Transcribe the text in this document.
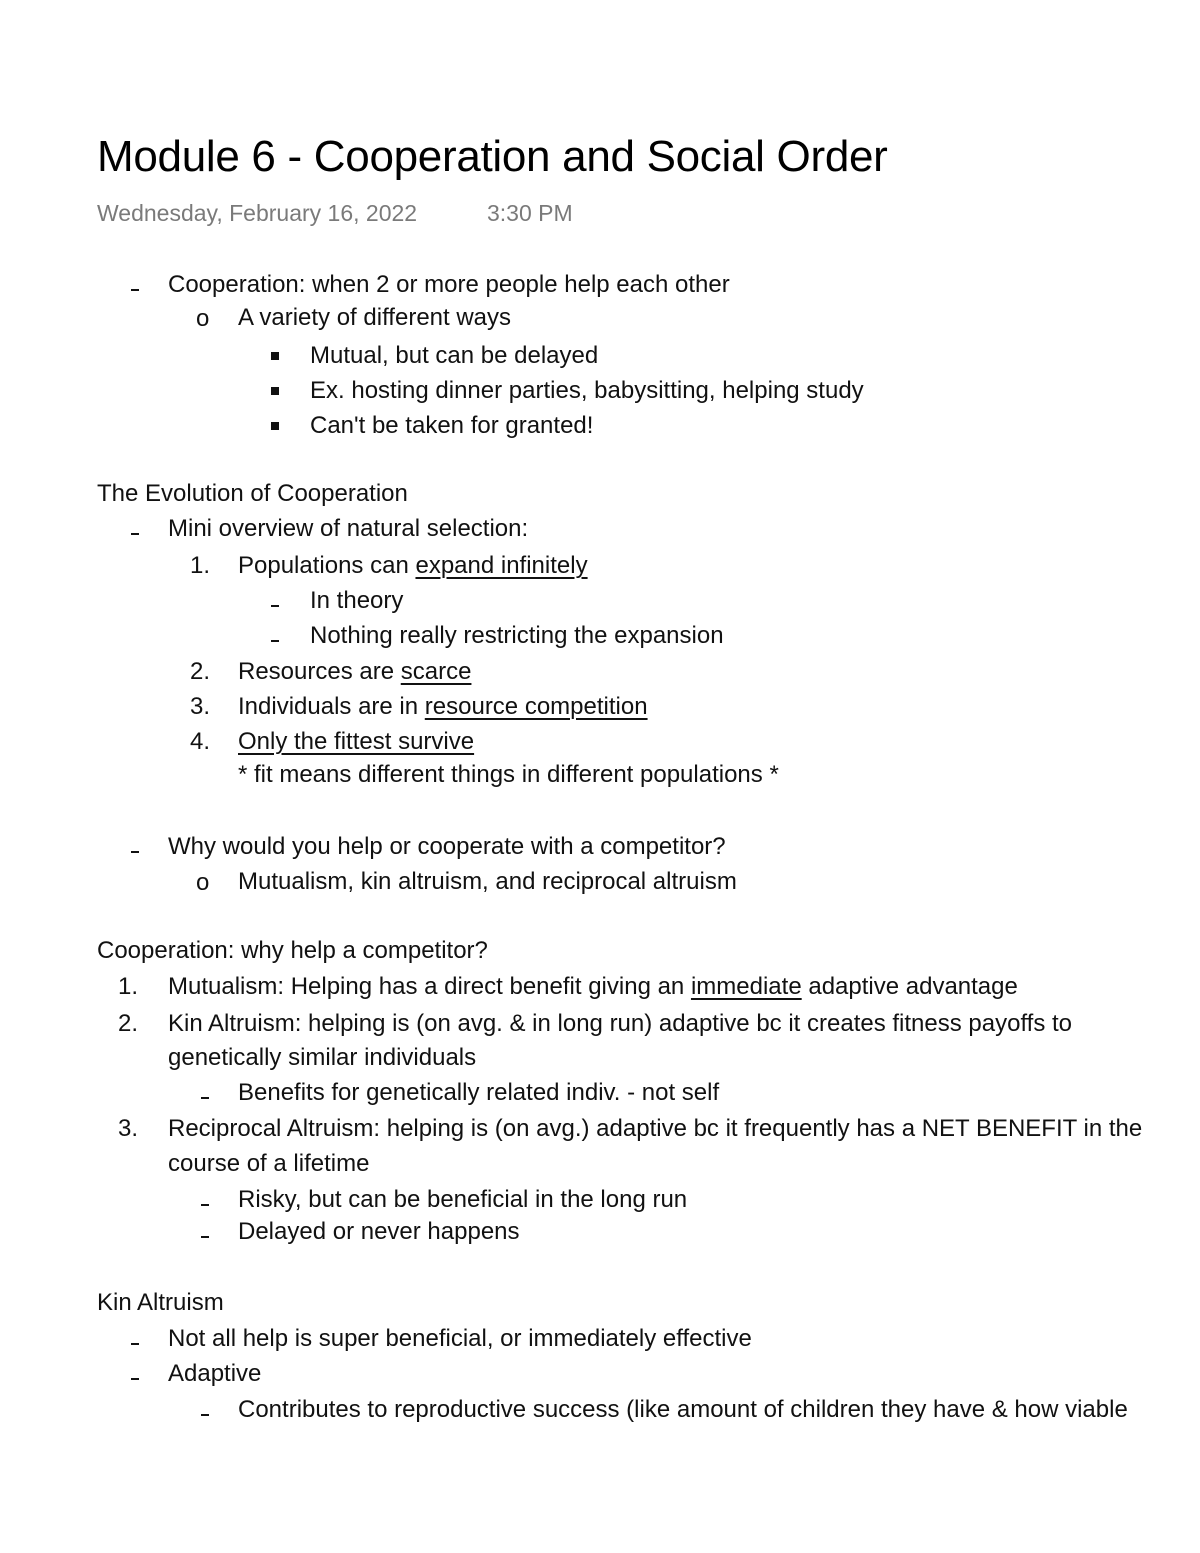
Module 6 - Cooperation and Social Order
Wednesday, February 16, 2022	3:30 PM
Cooperation: when 2 or more people help each other
o A variety of different ways
Mutual, but can be delayed
Ex. hosting dinner parties, babysitting, helping study
Can't be taken for granted!
The Evolution of Cooperation
Mini overview of natural selection:
1. Populations can expand infinitely
In theory
Nothing really restricting the expansion
2. Resources are scarce
3. Individuals are in resource competition
4. Only the fittest survive
* fit means different things in different populations *
Why would you help or cooperate with a competitor?
o Mutualism, kin altruism, and reciprocal altruism
Cooperation: why help a competitor?
1. Mutualism: Helping has a direct benefit giving an immediate adaptive advantage
2. Kin Altruism: helping is (on avg. & in long run) adaptive bc it creates fitness payoffs to
genetically similar individuals
Benefits for genetically related indiv. - not self
3. Reciprocal Altruism: helping is (on avg.) adaptive bc it frequently has a NET BENEFIT in the
course of a lifetime
Risky, but can be beneficial in the long run
Delayed or never happens
Kin Altruism
Not all help is super beneficial, or immediately effective
Adaptive
Contributes to reproductive success (like amount of children they have & how viable
